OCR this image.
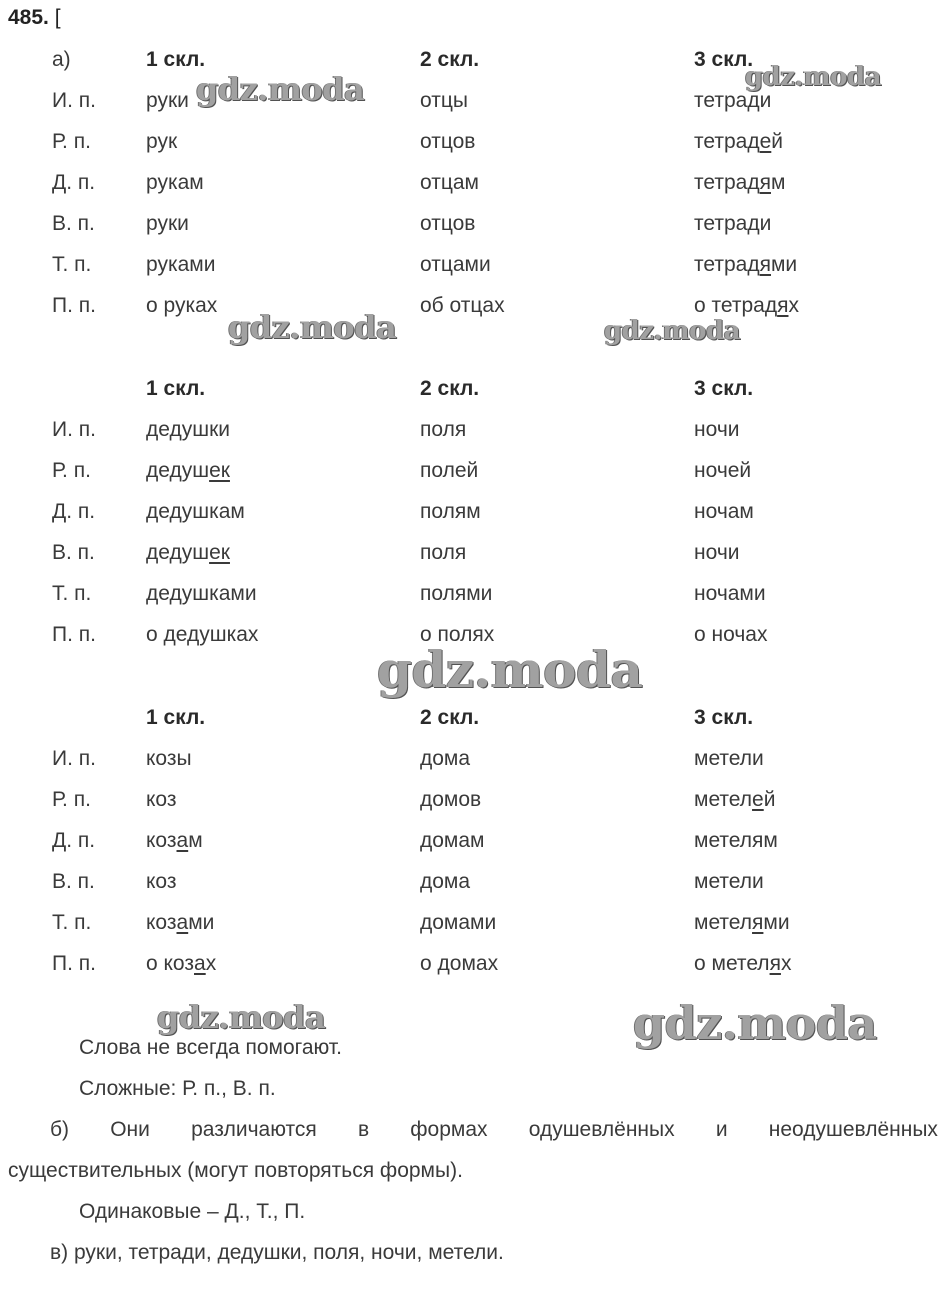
485. [
а)	1 скл.	2 скл.	3 скл.
И. п. руки	отцы	тетради
Р. п.	рук	отцов	тетрадей
Д. п. рукам	отцам	тетрадям
В. п. руки	отцов	тетради
Т. п.	руками	отцами	тетрадями
П. п. о руках	об отцах	о тетрадях
1 скл.	2 скл.	3 скл.
И. п. дедушки	поля	ночи
Р. п.	дедушек	полей	ночей
Д. п. дедушкам	полям	ночам
В. п. дедушек	поля	ночи
Т. п.	дедушками	полями	ночами
П. п. о дедушках	о полях	о ночах
1 скл.	2 скл.	3 скл.
И. п. козы	дома	метели
Р. п.	коз	домов	метелей
Д. п. козам	домам	метелям
В. п. коз	дома	метели
Т. п.	козами	домами	метелями
П. п. о козах	о домах	о метелях
Слова не всегда помогают.
Сложные: Р. п., В. п.
б) Они различаются в формах одушевлённых и неодушевлённых
существительных (могут повторяться формы).
Одинаковые – Д., Т., П.
в) руки, тетради, дедушки, поля, ночи, метели.
gdz.moda	gdz.moda
gdz.moda	gdz.moda
gdz.moda
gdz.moda	gdz.moda
